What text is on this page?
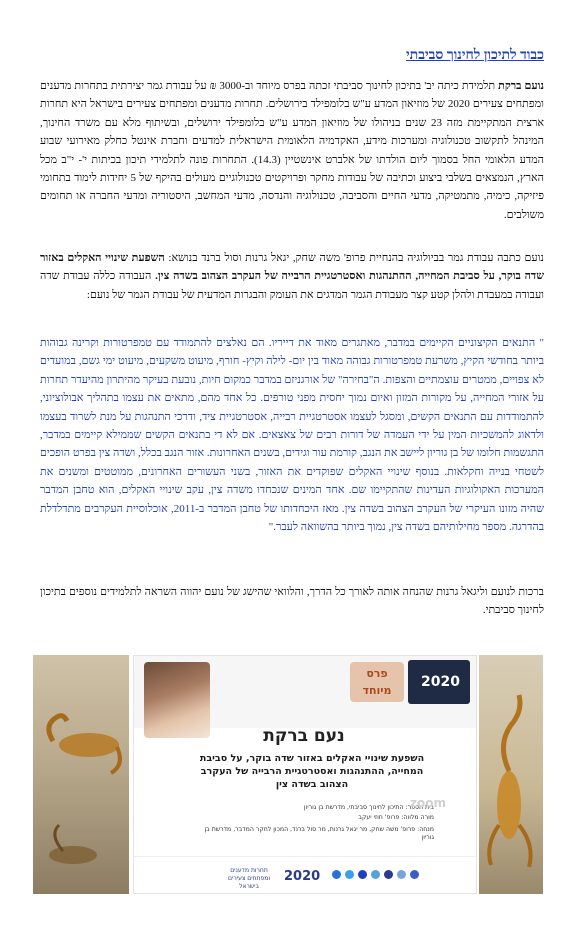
כבוד לתיכון לחינוך סביבתי

נועם ברקת תלמידת כיתה יב' בתיכון לחינוך סביבתי זכתה בפרס מיוחד וב-3000 ₪ על עבודת גמר יצירתית בתחרות מדענים ומפתחים צעירים 2020 של מוזיאון המדע ע"ש בלומפילד בירושלים. תחרות מדענים ומפתחים צעירים בישראל היא תחרות ארצית המתקיימת מזה 23 שנים בניהולו של מוזיאון המדע ע"ש בלומפילד ירושלים, ובשיתוף מלא עם משרד החינוך, המינהל לתקשוב טכנולוגיה ומערכות מידע, האקדמיה הלאומית הישראלית למדעים וחברת אינטל כחלק מאירועי שבוע המדע הלאומי החל בסמוך ליום הולדתו של אלברט אינשטיין (14.3). התחרות פונה לתלמידי תיכון בכיתות י'- י"ב מכל הארץ, הנמצאים בשלבי ביצוע וכתיבה של עבודות מחקר ופרויקטים טכנולוגיים מעולים בהיקף של 5 יחידות לימוד בתחומי פיזיקה, כימיה, מתמטיקה, מדעי החיים והסביבה, טכנולוגיה והנדסה, מדעי המחשב, היסטוריה ומדעי החברה או תחומים משולבים.

נועם כתבה עבודת גמר בביולוגיה בהנחיית פרופ' משה שחק, יגאל גרנות וסול ברנד בנושא: השפעת שינויי האקלים באזור שדה בוקר, על סביבת המחייה, ההתנהגות ואסטרטגיית הרבייה של העקרב הצהוב בשדה צין. העבודה כללה עבודת שדה ועבודה במעבדת ולהלן קטע קצר מעבודת הגמר המדגים את העומק והבגרות המדעית של עבודת הגמר של נועם:

" התנאים הקיצוניים הקיימים במדבר, מאתגרים מאוד את דייריו. הם נאלצים להתמודד עם טמפרטורות וקרינה גבוהות ביותר בחודשי הקיץ, משרעת טמפרטורות גבוהה מאוד בין יום- לילה וקיץ- חורף, מיעוט משקעים, מיעוט ימי גשם, במועדים לא צפויים, ממטרים עוצמתיים והצפות. ה"בחירה" של אורגניזם במדבר כמקום חיות, נובעת בעיקר מהיתרון מהיעדר תחרות על אזורי המחייה, על מקורות המזון ואיום נמוך יחסית מפני טורפים. כל אחד מהם, מתאים את עצמו בתהליך אבולוציוני, להתמודדות עם התנאים הקשים, ומסגל לעצמו אסטרטגיית רבייה, אסטרטגיית ציד, ודרכי התנהגות על מנת לשרוד בעצמו ולדאוג להמשכיות המין על ידי העמדה של דורות רבים של צאצאים. אם לא די בתנאים הקשים שממילא קיימים במדבר, התגשמות חלומו של בן גוריון ליישב את הנגב, קורמת עור וגידים, בשנים האחרונות. אזור הנגב בכלל, ושדה צין בפרט הופכים לשטחי בנייה וחקלאות. בנוסף שינויי האקלים שפוקדים את האזור, בשני העשורים האחרונים, ממוטטים ומשנים את המערכות האקולוגיות העדינות שהתקיימו שם. אחד המינים שנכחדו משדה צין, עקב שינויי האקלים, הוא טחבן המדבר שהיה מזונו העיקרי של העקרב הצהוב בשדה צין. מאז היכחדותו של טחבן המדבר ב-2011, אוכלוסיית העקרבים מתדלדלת בהדרגה. מספר מחילותיהם בשדה צין, נמוך ביותר בהשוואה לעבר."

ברכות לנועם וליגאל גרנות שהנחה אותה לאורך כל הדרך, והלוואי שהישג של נועם יהווה השראה לתלמידים נוספים בתיכון לחינוך סביבתי.

פרס
מיוחד
2020
נעם ברקת
השפעת שינויי האקלים באזור שדה בוקר, על סביבת המחייה, ההתנהגות ואסטרטגיית הרבייה של העקרב הצהוב בשדה צין
בית הספר: התיכון לחינוך סביבתי, מדרשת בן גוריון
מורה מלווה: פרופ' חוזי יעקב
מנחה: פרופ' משה שחק, מר יגאל גרנות, מר סול ברנד, המכון לחקר המדבר, מדרשת בן גוריון
zoom
תחרות מדענים ומפתחים צעירים בישראל
2020
